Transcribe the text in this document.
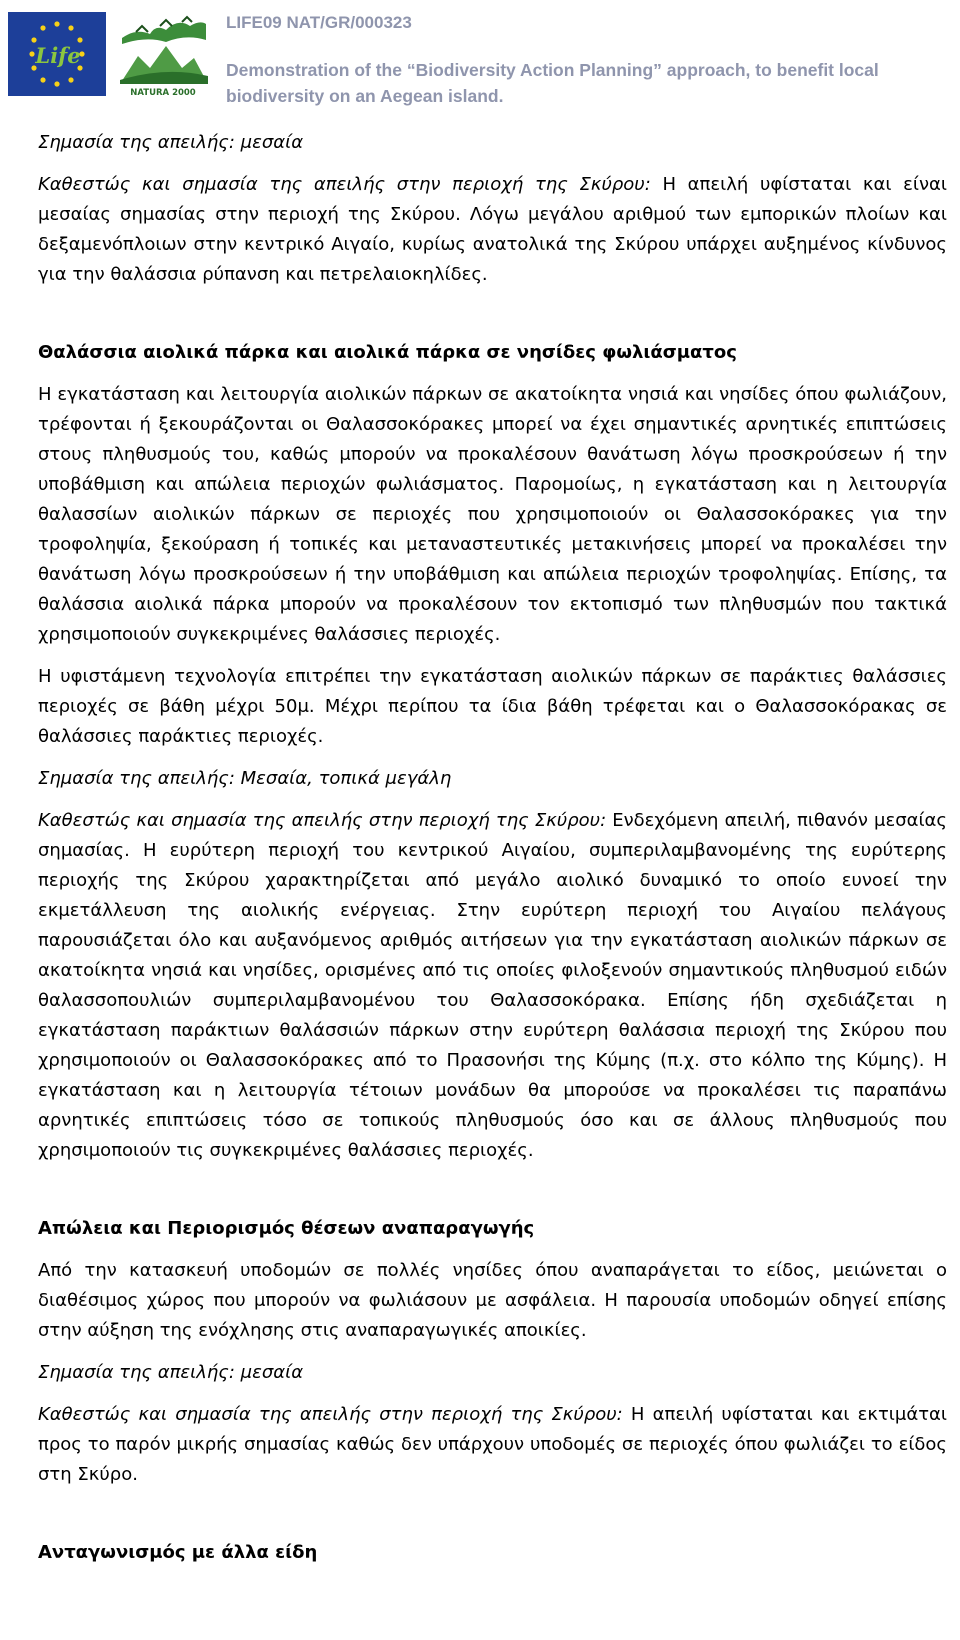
Life
NATURA 2000
LIFE09 NAT/GR/000323
Demonstration of the “Biodiversity Action Planning” approach, to benefit local biodiversity on an Aegean island.

Σημασία της απειλής: μεσαία

Καθεστώς και σημασία της απειλής στην περιοχή της Σκύρου: Η απειλή υφίσταται και είναι μεσαίας σημασίας στην περιοχή της Σκύρου. Λόγω μεγάλου αριθμού των εμπορικών πλοίων και δεξαμενόπλοιων στην κεντρικό Αιγαίο, κυρίως ανατολικά της Σκύρου υπάρχει αυξημένος κίνδυνος για την θαλάσσια ρύπανση και πετρελαιοκηλίδες.

Θαλάσσια αιολικά πάρκα και αιολικά πάρκα σε νησίδες φωλιάσματος

Η εγκατάσταση και λειτουργία αιολικών πάρκων σε ακατοίκητα νησιά και νησίδες όπου φωλιάζουν, τρέφονται ή ξεκουράζονται οι Θαλασσοκόρακες μπορεί να έχει σημαντικές αρνητικές επιπτώσεις στους πληθυσμούς του, καθώς μπορούν να προκαλέσουν θανάτωση λόγω προσκρούσεων ή την υποβάθμιση και απώλεια περιοχών φωλιάσματος. Παρομοίως, η εγκατάσταση και η λειτουργία θαλασσίων αιολικών πάρκων σε περιοχές που χρησιμοποιούν οι Θαλασσοκόρακες για την τροφοληψία, ξεκούραση ή τοπικές και μεταναστευτικές μετακινήσεις μπορεί να προκαλέσει την θανάτωση λόγω προσκρούσεων ή την υποβάθμιση και απώλεια περιοχών τροφοληψίας. Επίσης, τα θαλάσσια αιολικά πάρκα μπορούν να προκαλέσουν τον εκτοπισμό των πληθυσμών που τακτικά χρησιμοποιούν συγκεκριμένες θαλάσσιες περιοχές.

Η υφιστάμενη τεχνολογία επιτρέπει την εγκατάσταση αιολικών πάρκων σε παράκτιες θαλάσσιες περιοχές σε βάθη μέχρι 50μ. Μέχρι περίπου τα ίδια βάθη τρέφεται και ο Θαλασσοκόρακας σε θαλάσσιες παράκτιες περιοχές.

Σημασία της απειλής: Μεσαία, τοπικά μεγάλη

Καθεστώς και σημασία της απειλής στην περιοχή της Σκύρου: Ενδεχόμενη απειλή, πιθανόν μεσαίας σημασίας. Η ευρύτερη περιοχή του κεντρικού Αιγαίου, συμπεριλαμβανομένης της ευρύτερης περιοχής της Σκύρου χαρακτηρίζεται από μεγάλο αιολικό δυναμικό το οποίο ευνοεί την εκμετάλλευση της αιολικής ενέργειας. Στην ευρύτερη περιοχή του Αιγαίου πελάγους παρουσιάζεται όλο και αυξανόμενος αριθμός αιτήσεων για την εγκατάσταση αιολικών πάρκων σε ακατοίκητα νησιά και νησίδες, ορισμένες από τις οποίες φιλοξενούν σημαντικούς πληθυσμού ειδών θαλασσοπουλιών συμπεριλαμβανομένου του Θαλασσοκόρακα. Επίσης ήδη σχεδιάζεται η εγκατάσταση παράκτιων θαλάσσιών πάρκων στην ευρύτερη θαλάσσια περιοχή της Σκύρου που χρησιμοποιούν οι Θαλασσοκόρακες από το Πρασονήσι της Κύμης (π.χ. στο κόλπο της Κύμης). Η εγκατάσταση και η λειτουργία τέτοιων μονάδων θα μπορούσε να προκαλέσει τις παραπάνω αρνητικές επιπτώσεις τόσο σε τοπικούς πληθυσμούς όσο και σε άλλους πληθυσμούς που χρησιμοποιούν τις συγκεκριμένες θαλάσσιες περιοχές.

Απώλεια και Περιορισμός θέσεων αναπαραγωγής

Από την κατασκευή υποδομών σε πολλές νησίδες όπου αναπαράγεται το είδος, μειώνεται ο διαθέσιμος χώρος που μπορούν να φωλιάσουν με ασφάλεια. Η παρουσία υποδομών οδηγεί επίσης στην αύξηση της ενόχλησης στις αναπαραγωγικές αποικίες.

Σημασία της απειλής: μεσαία

Καθεστώς και σημασία της απειλής στην περιοχή της Σκύρου: Η απειλή υφίσταται και εκτιμάται προς το παρόν μικρής σημασίας καθώς δεν υπάρχουν υποδομές σε περιοχές όπου φωλιάζει το είδος στη Σκύρο.

Ανταγωνισμός με άλλα είδη
